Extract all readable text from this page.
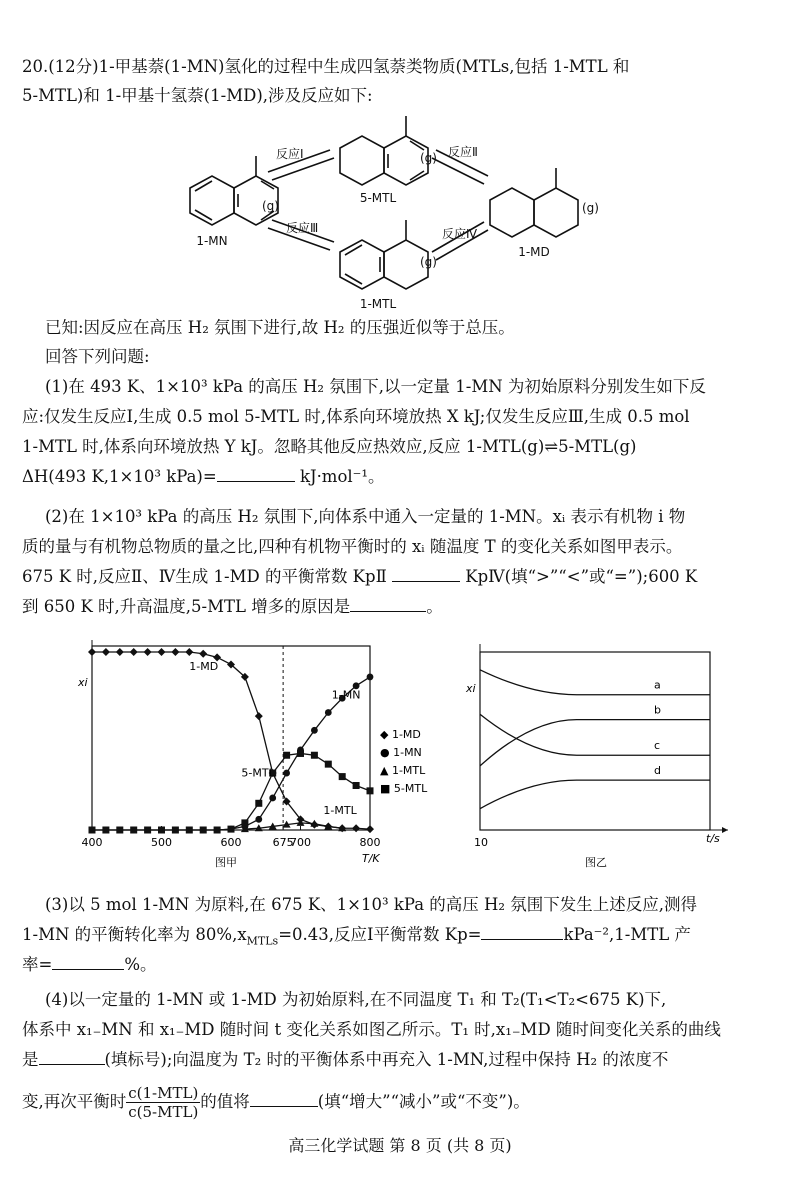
20.(12分)1-甲基萘(1-MN)氢化的过程中生成四氢萘类物质(MTLs,包括 1-MTL 和
5-MTL)和 1-甲基十氢萘(1-MD),涉及反应如下:
1-MN
5-MTL
1-MD
1-MTL
(g)
(g)
(g)
(g)
反应Ⅰ	反应Ⅱ
反应Ⅲ	反应Ⅳ
已知:因反应在高压 H₂ 氛围下进行,故 H₂ 的压强近似等于总压。
回答下列问题:
(1)在 493 K、1×10³ kPa 的高压 H₂ 氛围下,以一定量 1-MN 为初始原料分别发生如下反
应:仅发生反应Ⅰ,生成 0.5 mol 5-MTL 时,体系向环境放热 X kJ;仅发生反应Ⅲ,生成 0.5 mol
1-MTL 时,体系向环境放热 Y kJ。忽略其他反应热效应,反应 1-MTL(g)⇌5-MTL(g)
ΔH(493 K,1×10³ kPa)=	kJ·mol⁻¹。
(2)在 1×10³ kPa 的高压 H₂ 氛围下,向体系中通入一定量的 1-MN。xᵢ 表示有机物 i 物
质的量与有机物总物质的量之比,四种有机物平衡时的 xᵢ 随温度 T 的变化关系如图甲表示。
675 K 时,反应Ⅱ、Ⅳ生成 1-MD 的平衡常数 KpⅡ	KpⅣ(填“>”“<”或“=”);600 K
到 650 K 时,升高温度,5-MTL 增多的原因是	。
400	500	600	675
700	800
xi
T/K
图甲
1-MD
1-MN
5-MTL
1-MTL
◆ 1-MD
● 1-MN
▲ 1-MTL
■ 5-MTL
xi
t/s
10
图乙
a
b
c
d
(3)以 5 mol 1-MN 为原料,在 675 K、1×10³ kPa 的高压 H₂ 氛围下发生上述反应,测得
1-MN 的平衡转化率为 $80\%,x_{MTLs}=0.43$,反应Ⅰ平衡常数 Kp=	kPa⁻²,1-MTL 产
率=	%。
(4)以一定量的 1-MN 或 1-MD 为初始原料,在不同温度 T₁ 和 T₂(T₁<T₂<675 K)下,
体系中 x₁₋MN 和 x₁₋MD 随时间 t 变化关系如图乙所示。T₁ 时,x₁₋MD 随时间变化关系的曲线
是	(填标号);向温度为 T₂ 时的平衡体系中再充入 1-MN,过程中保持 H₂ 的浓度不
变,再次平衡时 $\frac{\text{c(1-MTL)}}{\text{c(5-MTL)}}$ 的值将	(填“增大”“减小”或“不变”)。
高三化学试题 第 8 页 (共 8 页)
